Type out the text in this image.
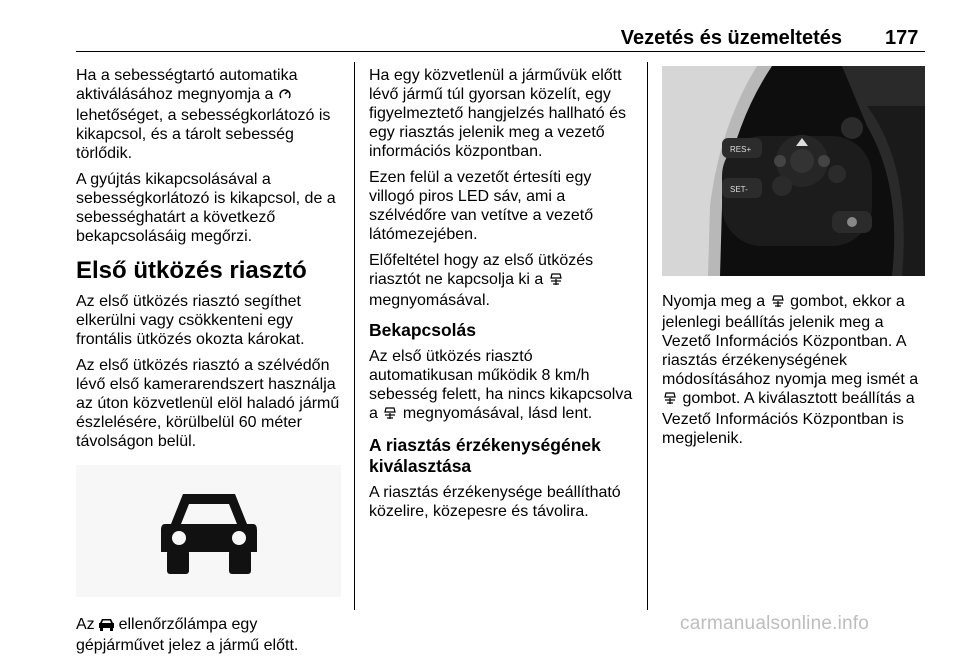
Vezetés és üzemeltetés 177

Ha a sebességtartó automatika aktiválásához megnyomja a  lehetőséget, a sebességkorlátozó is kikapcsol, és a tárolt sebesség törlődik.

A gyújtás kikapcsolásával a sebességkorlátozó is kikapcsol, de a sebességhatárt a következő bekapcsolásáig megőrzi.

Első ütközés riasztó

Az első ütközés riasztó segíthet elkerülni vagy csökkenteni egy frontális ütközés okozta károkat.

Az első ütközés riasztó a szélvédőn lévő első kamerarendszert használja az úton közvetlenül elöl haladó jármű észlelésére, körülbelül 60 méter távolságon belül.

Az ellenőrzőlámpa egy gépjárművet jelez a jármű előtt.

Ha egy közvetlenül a járművük előtt lévő jármű túl gyorsan közelít, egy figyelmeztető hangjelzés hallható és egy riasztás jelenik meg a vezető információs központban.

Ezen felül a vezetőt értesíti egy villogó piros LED sáv, ami a szélvédőre van vetítve a vezető látómezejében.

Előfeltétel hogy az első ütközés riasztót ne kapcsolja ki a  megnyomásával.

Bekapcsolás

Az első ütközés riasztó automatikusan működik 8 km/h sebesség felett, ha nincs kikapcsolva a megnyomásával, lásd lent.

A riasztás érzékenységének kiválasztása

A riasztás érzékenysége beállítható közelire, közepesre és távolira.

RES+
SET-

Nyomja meg a gombot, ekkor a jelenlegi beállítás jelenik meg a Vezető Információs Központban. A riasztás érzékenységének módosításához nyomja meg ismét a  gombot. A kiválasztott beállítás a Vezető Információs Központban is megjelenik.

carmanualsonline.info
